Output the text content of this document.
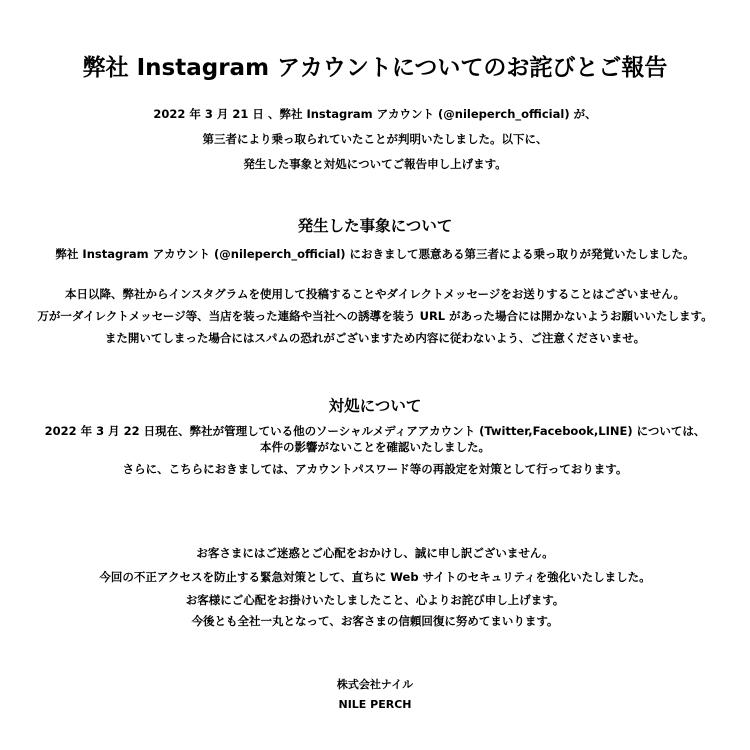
弊社 Instagram アカウントについてのお詫びとご報告
2022 年 3 月 21 日 、弊社 Instagram アカウント (@nileperch_official) が、
第三者により乗っ取られていたことが判明いたしました。以下に、
発生した事象と対処についてご報告申し上げます。
発生した事象について
弊社 Instagram アカウント (@nileperch_official) におきまして悪意ある第三者による乗っ取りが発覚いたしました。
本日以降、弊社からインスタグラムを使用して投稿することやダイレクトメッセージをお送りすることはございません。
万が一ダイレクトメッセージ等、当店を装った連絡や当社への誘導を装う URL があった場合には開かないようお願いいたします。
また開いてしまった場合にはスパムの恐れがございますため内容に従わないよう、ご注意くださいませ。
対処について
2022 年 3 月 22 日現在、弊社が管理している他のソーシャルメディアアカウント (Twitter,Facebook,LINE) については、
本件の影響がないことを確認いたしました。
さらに、こちらにおきましては、アカウントパスワード等の再設定を対策として行っております。
お客さまにはご迷惑とご心配をおかけし、誠に申し訳ございません。
今回の不正アクセスを防止する緊急対策として、直ちに Web サイトのセキュリティを強化いたしました。
お客様にご心配をお掛けいたしましたこと、心よりお詫び申し上げます。
今後とも全社一丸となって、お客さまの信頼回復に努めてまいります。
株式会社ナイル
NILE PERCH
